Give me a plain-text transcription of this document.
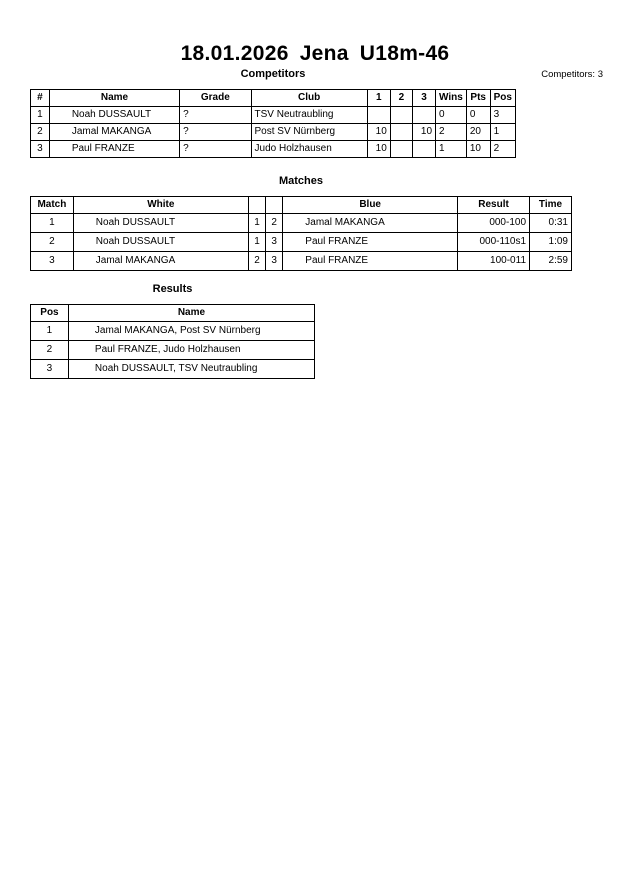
18.01.2026 Jena U18m-46
Competitors: 3
Competitors
#	Name	Grade	Club	1	2	3	Wins	Pts	Pos
1	Noah DUSSAULT	?	TSV Neutraubling				0	0	3
2	Jamal MAKANGA	?	Post SV Nürnberg	10		10	2	20	1
3	Paul FRANZE	?	Judo Holzhausen	10			1	10	2
Matches
Match	White			Blue	Result	Time
1	Noah DUSSAULT	1	2	Jamal MAKANGA	000-100	0:31
2	Noah DUSSAULT	1	3	Paul FRANZE	000-110s1	1:09
3	Jamal MAKANGA	2	3	Paul FRANZE	100-011	2:59
Results
Pos	Name
1	Jamal MAKANGA, Post SV Nürnberg
2	Paul FRANZE, Judo Holzhausen
3	Noah DUSSAULT, TSV Neutraubling
